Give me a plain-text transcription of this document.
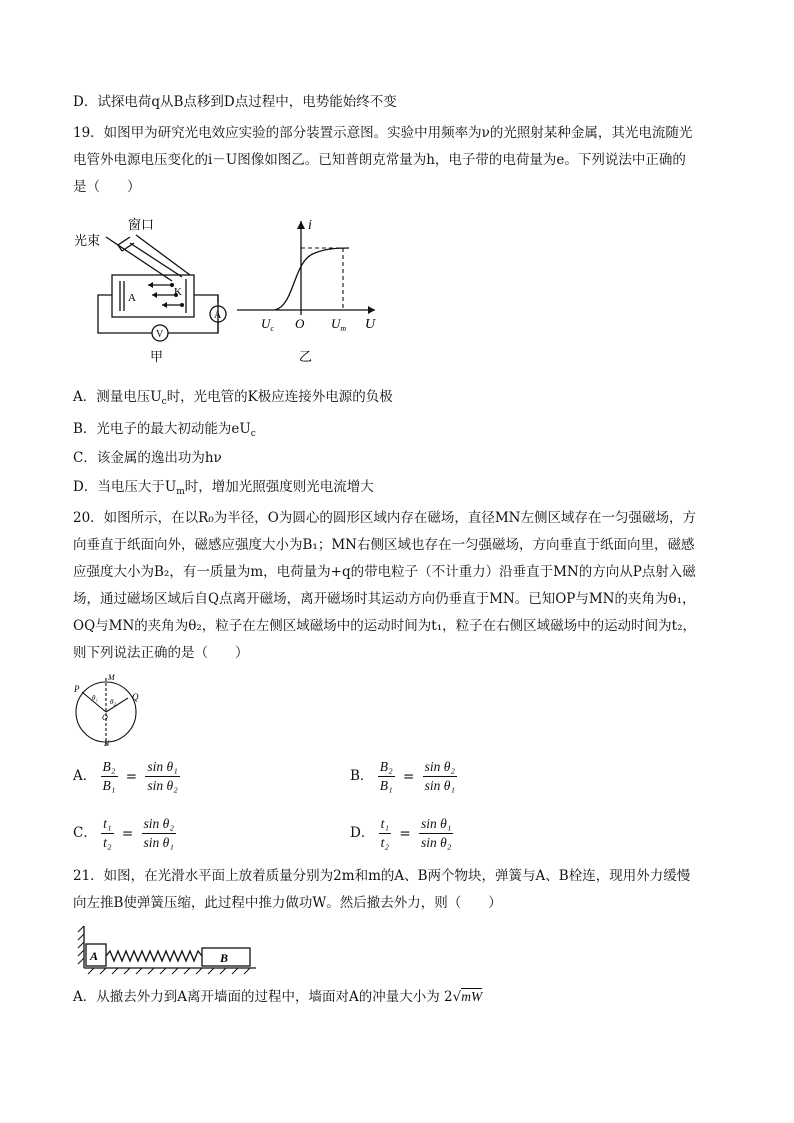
D．试探电荷q从B点移到D点过程中，电势能始终不变
19．如图甲为研究光电效应实验的部分装置示意图。实验中用频率为ν的光照射某种金属，其光电流随光
电管外电源电压变化的i－U图像如图乙。已知普朗克常量为h，电子带的电荷量为e。下列说法中正确的
是（　　）
光束
窗口
A	K
A
V
甲
i
U
$U_c$ O $U_m$
乙
A．测量电压$U_c$时，光电管的K极应连接外电源的负极
B．光电子的最大初动能为$eU_c$
C．该金属的逸出功为hν
D．当电压大于$U_m$时，增加光照强度则光电流增大
20．如图所示，在以R₀为半径，O为圆心的圆形区域内存在磁场，直径MN左侧区域存在一匀强磁场，方
向垂直于纸面向外，磁感应强度大小为B₁；MN右侧区域也存在一匀强磁场，方向垂直于纸面向里，磁感
应强度大小为B₂，有一质量为m，电荷量为+q的带电粒子（不计重力）沿垂直于MN的方向从P点射入磁
场，通过磁场区域后自Q点离开磁场，离开磁场时其运动方向仍垂直于MN。已知OP与MN的夹角为θ₁，
OQ与MN的夹角为θ₂，粒子在左侧区域磁场中的运动时间为t₁，粒子在右侧区域磁场中的运动时间为t₂，
则下列说法正确的是（　　）
P
M
Q
O
N
θ₁ θ₂
A． $\frac{\text{B₂}}{\text{B₁}} = \frac{\text{sin θ₁}}{\text{sin θ₂}}$	B． $\frac{\text{B₂}}{\text{B₁}} = \frac{\text{sin θ₂}}{\text{sin θ₁}}$
C． $\frac{\text{t₁}}{\text{t₂}} = \frac{\text{sin θ₂}}{\text{sin θ₁}}$	D． $\frac{\text{t₁}}{\text{t₂}} = \frac{\text{sin θ₁}}{\text{sin θ₂}}$
21．如图，在光滑水平面上放着质量分别为2m和m的A、B两个物块，弹簧与A、B栓连，现用外力缓慢
向左推B使弹簧压缩，此过程中推力做功W。然后撤去外力，则（　　）
A	B
A．从撤去外力到A离开墙面的过程中，墙面对A的冲量大小为 2√mW
